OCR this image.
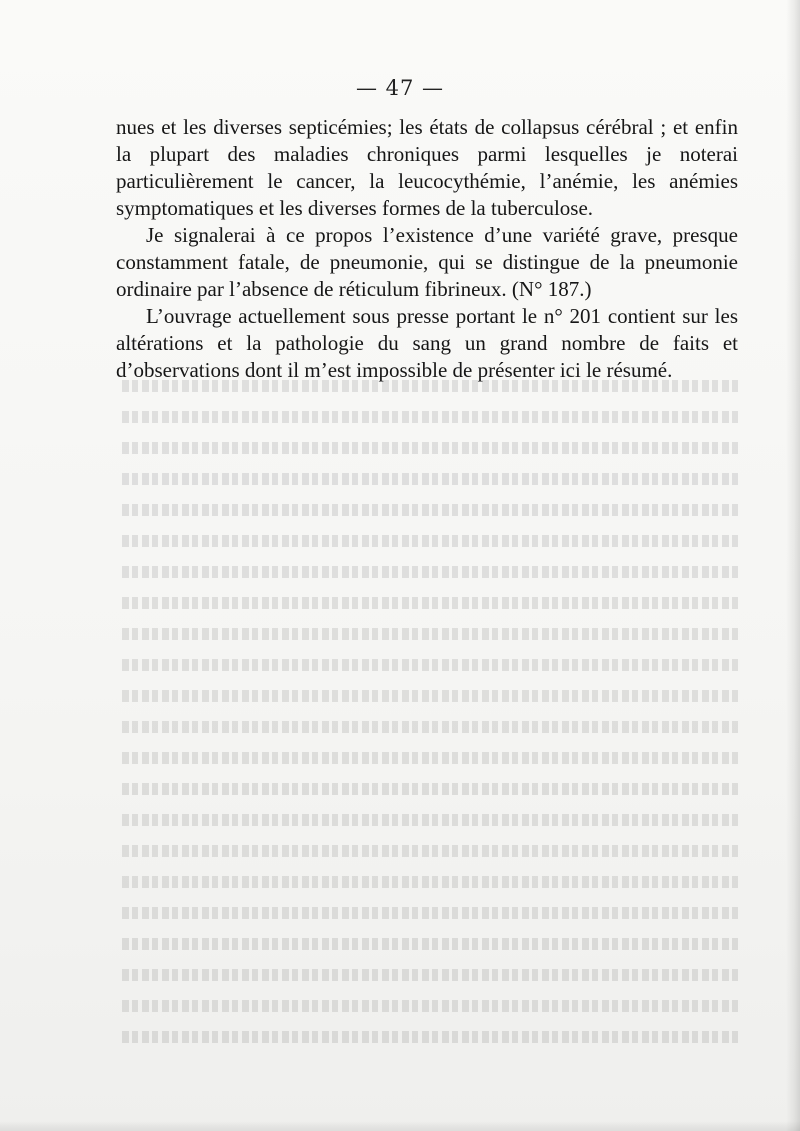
— 47 —

nues et les diverses septicémies; les états de collapsus cérébral ; et enfin la plupart des maladies chroniques parmi lesquelles je noterai particulièrement le cancer, la leucocythémie, l’anémie, les anémies symptomatiques et les diverses formes de la tuberculose.

Je signalerai à ce propos l’existence d’une variété grave, presque constamment fatale, de pneumonie, qui se distingue de la pneumonie ordinaire par l’absence de réticulum fibrineux. (N° 187.)

L’ouvrage actuellement sous presse portant le n° 201 contient sur les altérations et la pathologie du sang un grand nombre de faits et d’observations dont il m’est impossible de présenter ici le résumé.
